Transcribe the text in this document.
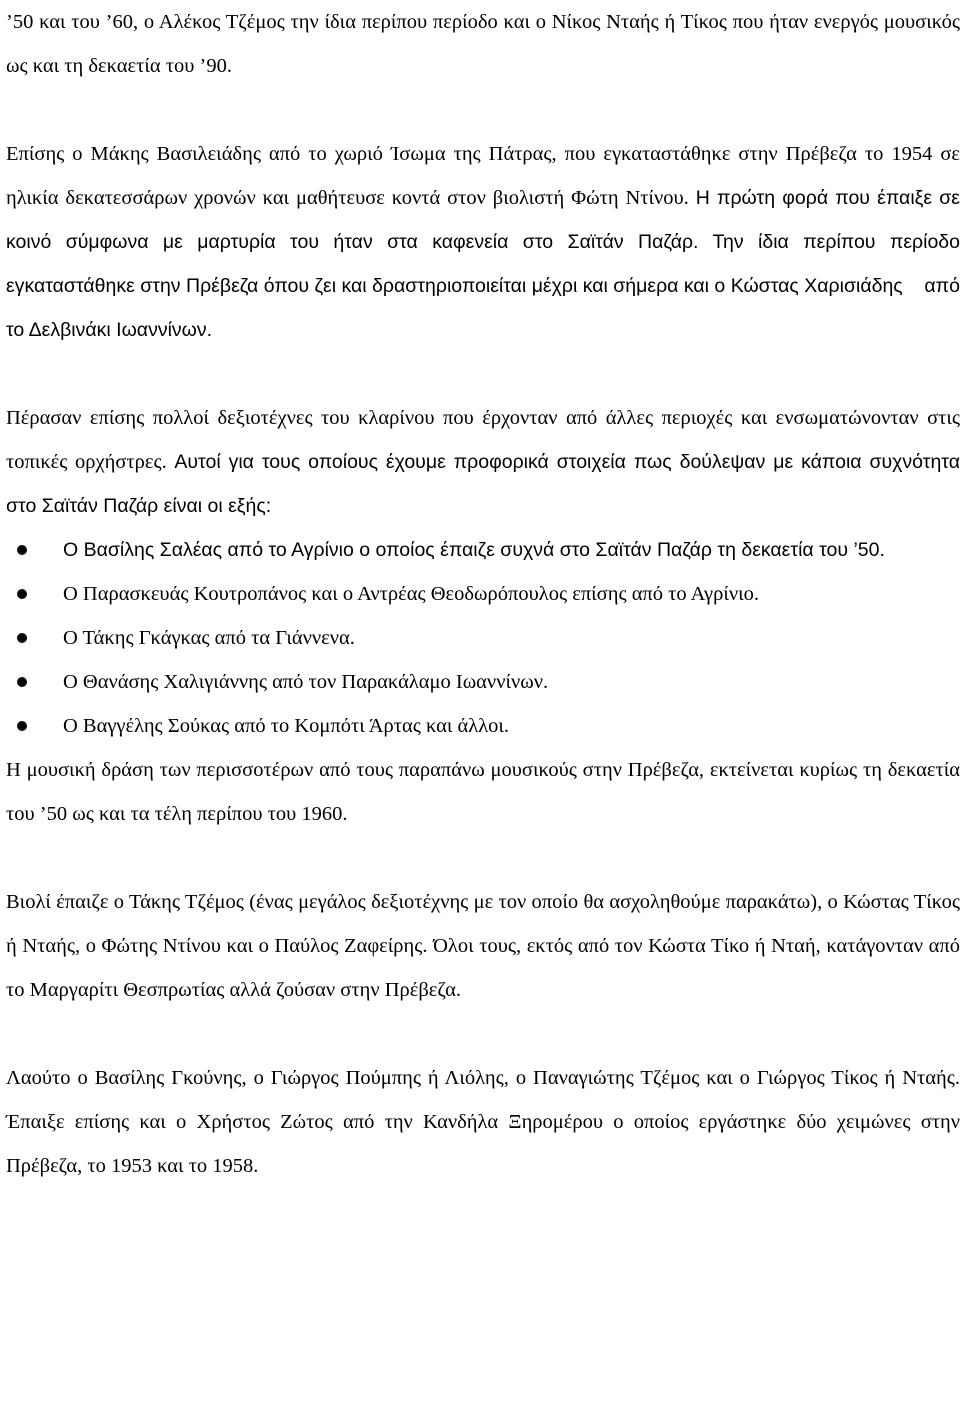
’50 και του ’60, ο Αλέκος Τζέμος την ίδια περίπου περίοδο και ο Νίκος Νταής ή Τίκος που ήταν ενεργός μουσικός ως και τη δεκαετία του ’90.

Επίσης ο Μάκης Βασιλειάδης από το χωριό Ίσωμα της Πάτρας, που εγκαταστάθηκε στην Πρέβεζα το 1954 σε ηλικία δεκατεσσάρων χρονών και μαθήτευσε κοντά στον βιολιστή Φώτη Ντίνου. Η πρώτη φορά που έπαιξε σε κοινό σύμφωνα με μαρτυρία του ήταν στα καφενεία στο Σαϊτάν Παζάρ. Την ίδια περίπου περίοδο εγκαταστάθηκε στην Πρέβεζα όπου ζει και δραστηριοποιείται μέχρι και σήμερα και ο Κώστας Χαρισιάδης    από το Δελβινάκι Ιωαννίνων.

Πέρασαν επίσης πολλοί δεξιοτέχνες του κλαρίνου που έρχονταν από άλλες περιοχές και ενσωματώνονταν στις τοπικές ορχήστρες. Αυτοί για τους οποίους έχουμε προφορικά στοιχεία πως δούλεψαν με κάποια συχνότητα στο Σαϊτάν Παζάρ είναι οι εξής:

Ο Βασίλης Σαλέας από το Αγρίνιο ο οποίος έπαιζε συχνά στο Σαϊτάν Παζάρ τη δεκαετία του ’50.
Ο Παρασκευάς Κουτροπάνος και ο Αντρέας Θεοδωρόπουλος επίσης από το Αγρίνιο.
Ο Τάκης Γκάγκας από τα Γιάννενα.
Ο Θανάσης Χαλιγιάννης από τον Παρακάλαμο Ιωαννίνων.
Ο Βαγγέλης Σούκας από το Κομπότι Άρτας και άλλοι.

Η μουσική δράση των περισσοτέρων από τους παραπάνω μουσικούς στην Πρέβεζα, εκτείνεται κυρίως τη δεκαετία του ’50 ως και τα τέλη περίπου του 1960.

Βιολί έπαιζε ο Τάκης Τζέμος (ένας μεγάλος δεξιοτέχνης με τον οποίο θα ασχοληθούμε παρακάτω), ο Κώστας Τίκος ή Νταής, ο Φώτης Ντίνου και ο Παύλος Ζαφείρης. Όλοι τους, εκτός από τον Κώστα Τίκο ή Νταή, κατάγονταν από το Μαργαρίτι Θεσπρωτίας αλλά ζούσαν στην Πρέβεζα.

Λαούτο ο Βασίλης Γκούνης, ο Γιώργος Πούμπης ή Λιόλης, ο Παναγιώτης Τζέμος και ο Γιώργος Τίκος ή Νταής. Έπαιξε επίσης και ο Χρήστος Ζώτος από την Κανδήλα Ξηρομέρου ο οποίος εργάστηκε δύο χειμώνες στην Πρέβεζα, το 1953 και το 1958.
